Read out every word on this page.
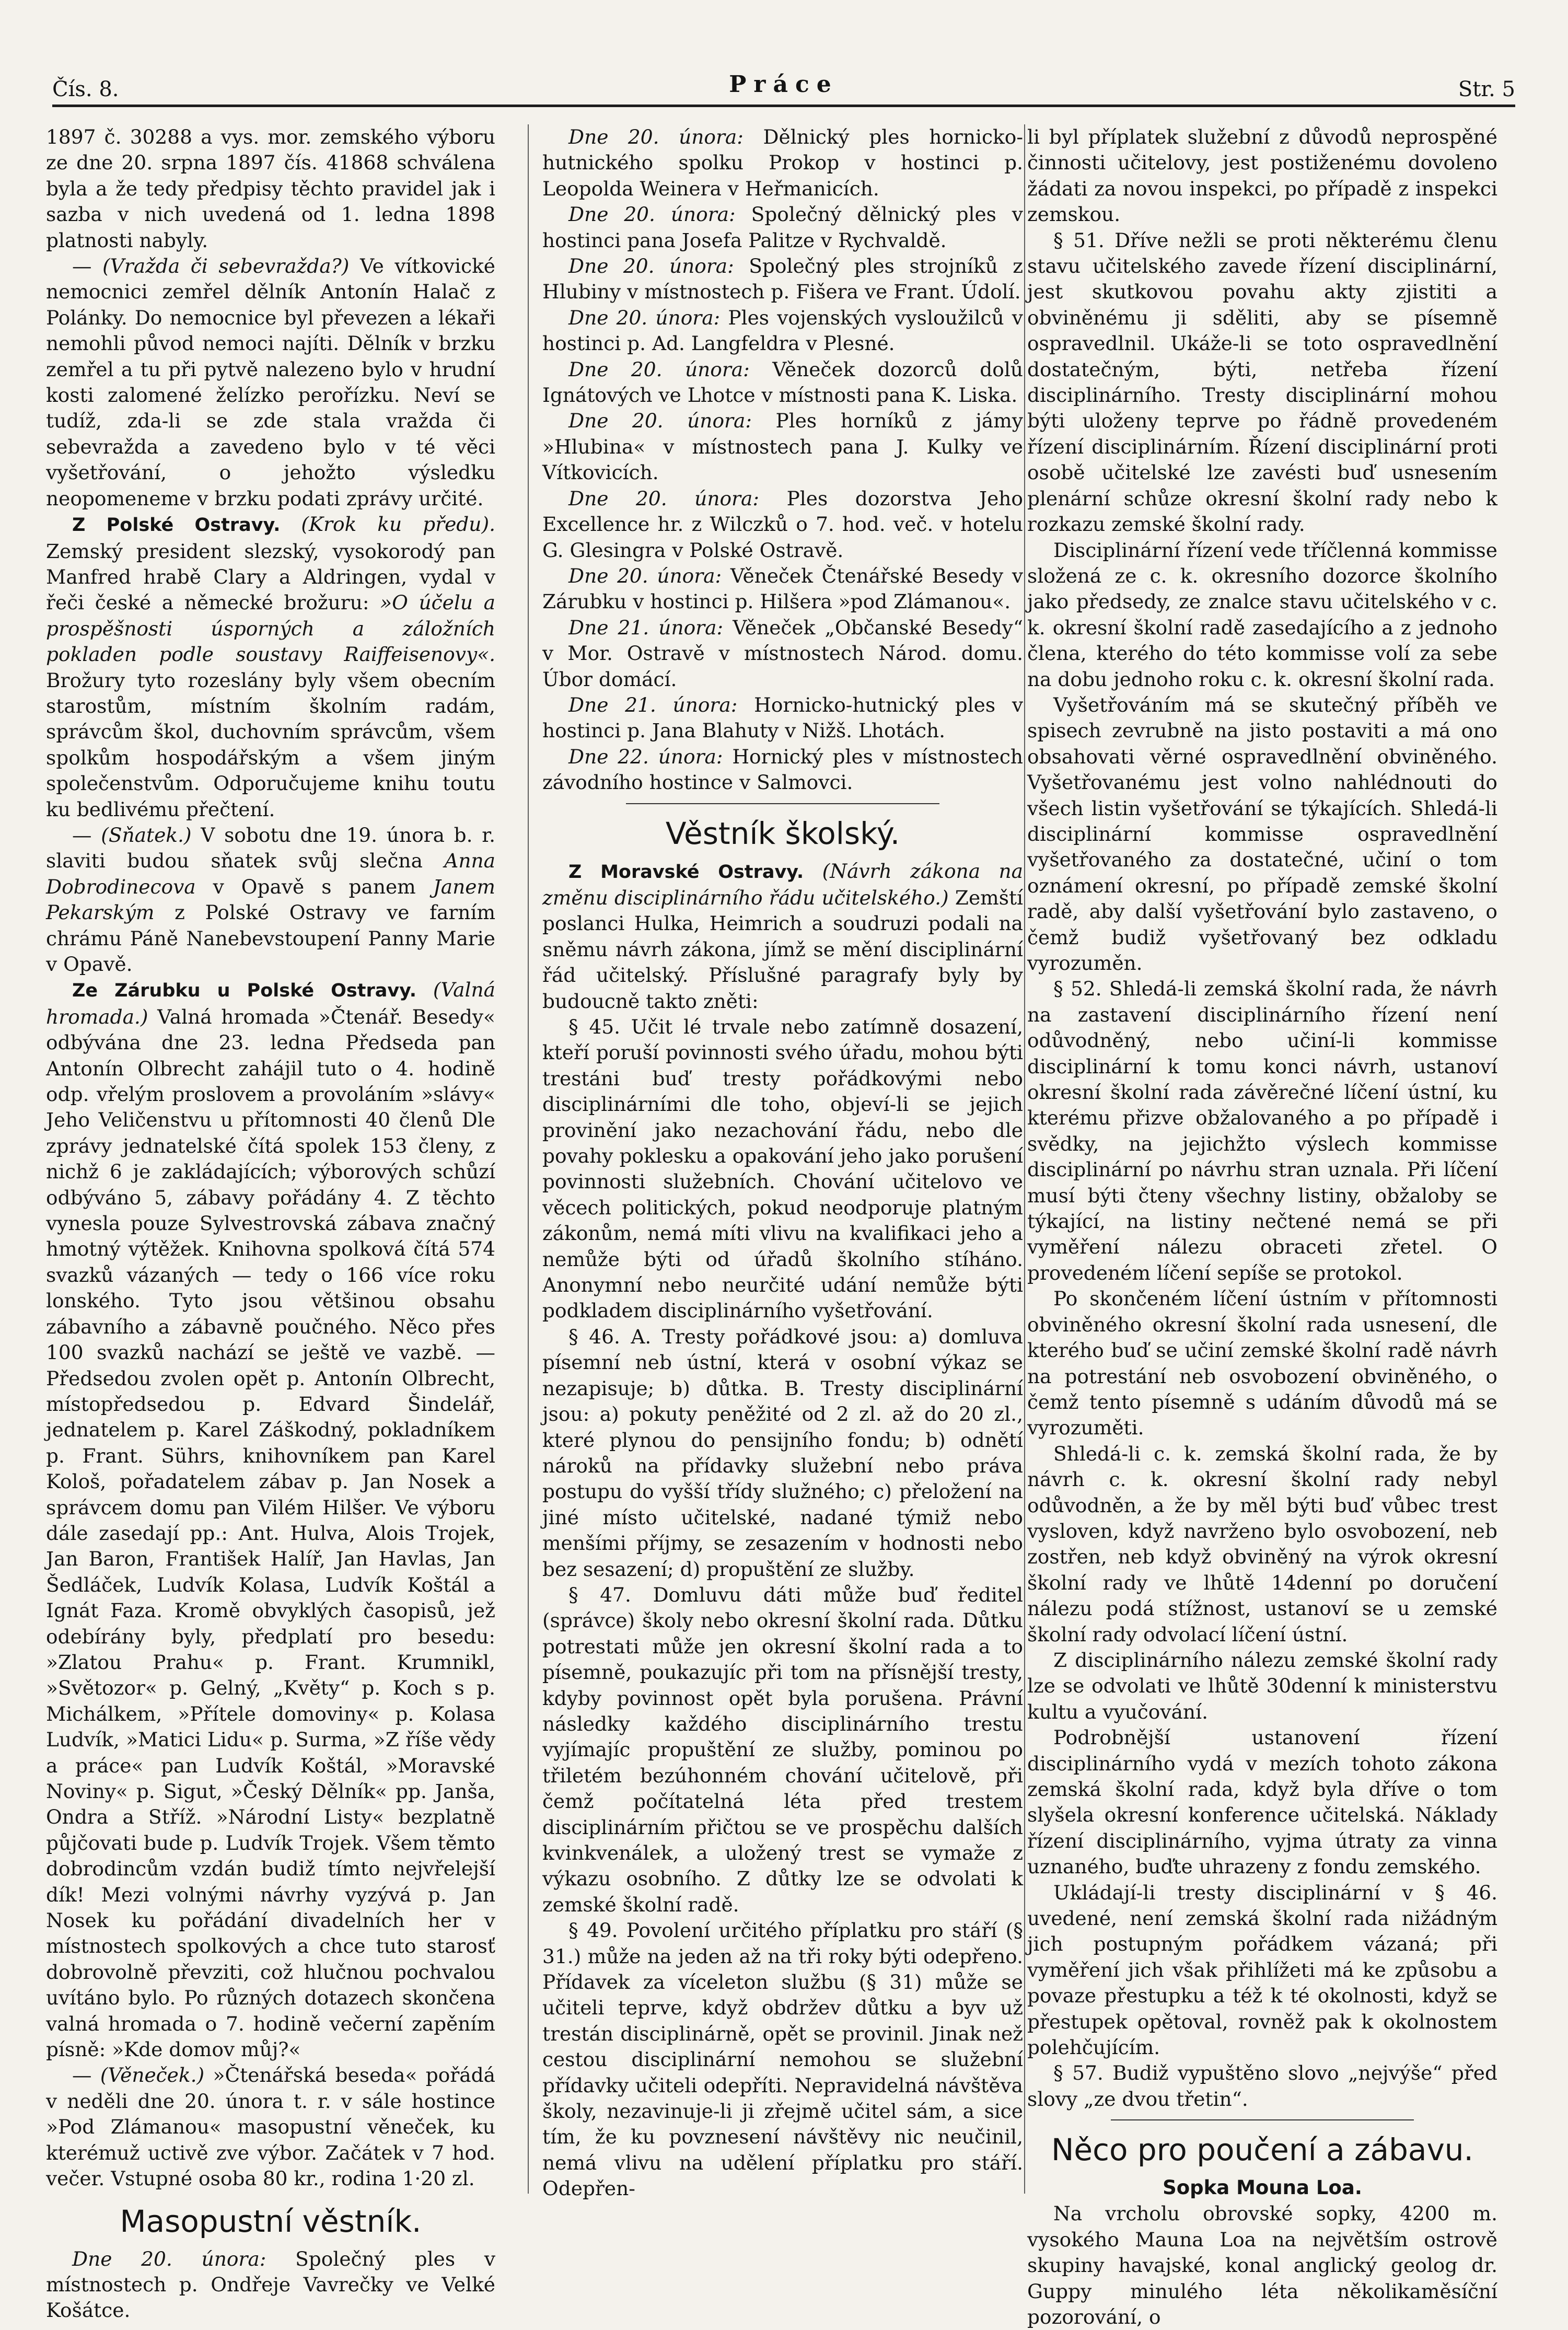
Čís. 8.	Práce	Str. 5

1897 č. 30288 a vys. mor. zemského výboru ze dne 20. srpna 1897 čís. 41868 schválena byla a že tedy předpisy těchto pravidel jak i sazba v nich uvedená od 1. ledna 1898 platnosti nabyly.

— (Vražda či sebevražda?) Ve vítkovické nemocnici zemřel dělník Antonín Halač z Polánky. Do nemocnice byl převezen a lékaři nemohli původ nemoci najíti. Dělník v brzku zemřel a tu při pytvě nalezeno bylo v hrudní kosti zalomené želízko perořízku. Neví se tudíž, zda-li se zde stala vražda či sebevražda a zavedeno bylo v té věci vyšetřování, o jehožto výsledku neopomeneme v brzku podati zprávy určité.

Z Polské Ostravy. (Krok ku předu). Zemský president slezský, vysokorodý pan Manfred hrabě Clary a Aldringen, vydal v řeči české a německé brožuru: »O účelu a prospěšnosti úsporných a záložních pokladen podle soustavy Raiffeisenovy«. Brožury tyto rozeslány byly všem obecním starostům, místním školním radám, správcům škol, duchovním správcům, všem spolkům hospodářským a všem jiným společenstvům. Odporučujeme knihu toutu ku bedlivému přečtení.

— (Sňatek.) V sobotu dne 19. února b. r. slaviti budou sňatek svůj slečna Anna Dobrodinecova v Opavě s panem Janem Pekarským z Polské Ostravy ve farním chrámu Páně Nanebevstoupení Panny Marie v Opavě.

Ze Zárubku u Polské Ostravy. (Valná hromada.) Valná hromada »Čtenář. Besedy« odbývána dne 23. ledna Předseda pan Antonín Olbrecht zahájil tuto o 4. hodině odp. vřelým proslovem a provoláním »slávy« Jeho Veličenstvu u přítomnosti 40 členů Dle zprávy jednatelské čítá spolek 153 členy, z nichž 6 je zakládajících; výborových schůzí odbýváno 5, zábavy pořádány 4. Z těchto vynesla pouze Sylvestrovská zábava značný hmotný výtěžek. Knihovna spolková čítá 574 svazků vázaných — tedy o 166 více roku lonského. Tyto jsou většinou obsahu zábavního a zábavně poučného. Něco přes 100 svazků nachází se ještě ve vazbě. — Předsedou zvolen opět p. Antonín Olbrecht, místopředsedou p. Edvard Šindelář, jednatelem p. Karel Záškodný, pokladníkem p. Frant. Sührs, knihovníkem pan Karel Kološ, pořadatelem zábav p. Jan Nosek a správcem domu pan Vilém Hilšer. Ve výboru dále zasedají pp.: Ant. Hulva, Alois Trojek, Jan Baron, František Halíř, Jan Havlas, Jan Šedláček, Ludvík Kolasa, Ludvík Koštál a Ignát Faza. Kromě obvyklých časopisů, jež odebírány byly, předplatí pro besedu: »Zlatou Prahu« p. Frant. Krumnikl, »Světozor« p. Gelný, „Květy“ p. Koch s p. Michálkem, »Přítele domoviny« p. Kolasa Ludvík, »Matici Lidu« p. Surma, »Z říše vědy a práce« pan Ludvík Koštál, »Moravské Noviny« p. Sigut, »Český Dělník« pp. Janša, Ondra a Stříž. »Národní Listy« bezplatně půjčovati bude p. Ludvík Trojek. Všem těmto dobrodincům vzdán budiž tímto nejvřelejší dík! Mezi volnými návrhy vyzývá p. Jan Nosek ku pořádání divadelních her v místnostech spolkových a chce tuto starosť dobrovolně převziti, což hlučnou pochvalou uvítáno bylo. Po různých dotazech skončena valná hromada o 7. hodině večerní zapěním písně: »Kde domov můj?«

— (Věneček.) »Čtenářská beseda« pořádá v neděli dne 20. února t. r. v sále hostince »Pod Zlámanou« masopustní věneček, ku kterémuž uctivě zve výbor. Začátek v 7 hod. večer. Vstupné osoba 80 kr., rodina 1·20 zl.

Masopustní věstník.

Dne 20. února: Společný ples v místnostech p. Ondřeje Vavrečky ve Velké Košátce.

Dne 20. února: Dělnický ples hornicko-hutnického spolku Prokop v hostinci p. Leopolda Weinera v Heřmanicích.

Dne 20. února: Společný dělnický ples v hostinci pana Josefa Palitze v Rychvaldě.

Dne 20. února: Společný ples strojníků z Hlubiny v místnostech p. Fišera ve Frant. Údolí.

Dne 20. února: Ples vojenských vysloužilců v hostinci p. Ad. Langfeldra v Plesné.

Dne 20. února: Věneček dozorců dolů Ignátových ve Lhotce v místnosti pana K. Liska.

Dne 20. února: Ples horníků z jámy »Hlubina« v místnostech pana J. Kulky ve Vítkovicích.

Dne 20. února: Ples dozorstva Jeho Excellence hr. z Wilczků o 7. hod. več. v hotelu G. Glesingra v Polské Ostravě.

Dne 20. února: Věneček Čtenářské Besedy v Zárubku v hostinci p. Hilšera »pod Zlámanou«.

Dne 21. února: Věneček „Občanské Besedy“ v Mor. Ostravě v místnostech Národ. domu. Úbor domácí.

Dne 21. února: Hornicko-hutnický ples v hostinci p. Jana Blahuty v Nižš. Lhotách.

Dne 22. února: Hornický ples v místnostech závodního hostince v Salmovci.

Věstník školský.

Z Moravské Ostravy. (Návrh zákona na změnu disciplinárního řádu učitelského.) Zemští poslanci Hulka, Heimrich a soudruzi podali na sněmu návrh zákona, jímž se mění disciplinární řád učitelský. Příslušné paragrafy byly by budoucně takto zněti:

§ 45. Učit lé trvale nebo zatímně dosazení, kteří poruší povinnosti svého úřadu, mohou býti trestáni buď tresty pořádkovými nebo disciplinárními dle toho, objeví-li se jejich provinění jako nezachování řádu, nebo dle povahy poklesku a opakování jeho jako porušení povinnosti služebních. Chování učitelovo ve věcech politických, pokud neodporuje platným zákonům, nemá míti vlivu na kvalifikaci jeho a nemůže býti od úřadů školního stíháno. Anonymní nebo neurčité udání nemůže býti podkladem disciplinárního vyšetřování.

§ 46. A. Tresty pořádkové jsou: a) domluva písemní neb ústní, která v osobní výkaz se nezapisuje; b) důtka. B. Tresty disciplinární jsou: a) pokuty peněžité od 2 zl. až do 20 zl., které plynou do pensijního fondu; b) odnětí nároků na přídavky služební nebo práva postupu do vyšší třídy služného; c) přeložení na jiné místo učitelské, nadané týmiž nebo menšími příjmy, se zesazením v hodnosti nebo bez sesazení; d) propuštění ze služby.

§ 47. Domluvu dáti může buď ředitel (správce) školy nebo okresní školní rada. Důtku potrestati může jen okresní školní rada a to písemně, poukazujíc při tom na přísnější tresty, kdyby povinnost opět byla porušena. Právní následky každého disciplinárního trestu vyjímajíc propuštění ze služby, pominou po třiletém bezúhonném chování učitelově, při čemž počítatelná léta před trestem disciplinárním přičtou se ve prospěchu dalších kvinkvenálek, a uložený trest se vymaže z výkazu osobního. Z důtky lze se odvolati k zemské školní radě.

§ 49. Povolení určitého příplatku pro stáří (§ 31.) může na jeden až na tři roky býti odepřeno. Přídavek za víceleton službu (§ 31) může se učiteli teprve, když obdržev důtku a byv už trestán disciplinárně, opět se provinil. Jinak než cestou disciplinární nemohou se služební přídavky učiteli odepříti. Nepravidelná návštěva školy, nezavinuje-li ji zřejmě učitel sám, a sice tím, že ku povznesení návštěvy nic neučinil, nemá vlivu na udělení příplatku pro stáří. Odepřen-

li byl příplatek služební z důvodů neprospěné činnosti učitelovy, jest postiženému dovoleno žádati za novou inspekci, po případě z inspekci zemskou.

§ 51. Dříve nežli se proti některému členu stavu učitelského zavede řízení disciplinární, jest skutkovou povahu akty zjistiti a obviněnému ji sděliti, aby se písemně ospravedlnil. Ukáže-li se toto ospravedlnění dostatečným, býti, netřeba řízení disciplinárního. Tresty disciplinární mohou býti uloženy teprve po řádně provedeném řízení disciplinárním. Řízení disciplinární proti osobě učitelské lze zavésti buď usnesením plenární schůze okresní školní rady nebo k rozkazu zemské školní rady.

Disciplinární řízení vede tříčlenná kommisse složená ze c. k. okresního dozorce školního jako předsedy, ze znalce stavu učitelského v c. k. okresní školní radě zasedajícího a z jednoho člena, kterého do této kommisse volí za sebe na dobu jednoho roku c. k. okresní školní rada.

Vyšetřováním má se skutečný příběh ve spisech zevrubně na jisto postaviti a má ono obsahovati věrné ospravedlnění obviněného. Vyšetřovanému jest volno nahlédnouti do všech listin vyšetřování se týkajících. Shledá-li disciplinární kommisse ospravedlnění vyšetřovaného za dostatečné, učiní o tom oznámení okresní, po případě zemské školní radě, aby další vyšetřování bylo zastaveno, o čemž budiž vyšetřovaný bez odkladu vyrozuměn.

§ 52. Shledá-li zemská školní rada, že návrh na zastavení disciplinárního řízení není odůvodněný, nebo učiní-li kommisse disciplinární k tomu konci návrh, ustanoví okresní školní rada závěrečné líčení ústní, ku kterému přizve obžalovaného a po případě i svědky, na jejichžto výslech kommisse disciplinární po návrhu stran uznala. Při líčení musí býti čteny všechny listiny, obžaloby se týkající, na listiny nečtené nemá se při vyměření nálezu obraceti zřetel. O provedeném líčení sepíše se protokol.

Po skončeném líčení ústním v přítomnosti obviněného okresní školní rada usnesení, dle kterého buď se učiní zemské školní radě návrh na potrestání neb osvobození obviněného, o čemž tento písemně s udáním důvodů má se vyrozuměti.

Shledá-li c. k. zemská školní rada, že by návrh c. k. okresní školní rady nebyl odůvodněn, a že by měl býti buď vůbec trest vysloven, když navrženo bylo osvobození, neb zostřen, neb když obviněný na výrok okresní školní rady ve lhůtě 14denní po doručení nálezu podá stížnost, ustanoví se u zemské školní rady odvolací líčení ústní.

Z disciplinárního nálezu zemské školní rady lze se odvolati ve lhůtě 30denní k ministerstvu kultu a vyučování.

Podrobnější ustanovení řízení disciplinárního vydá v mezích tohoto zákona zemská školní rada, když byla dříve o tom slyšela okresní konference učitelská. Náklady řízení disciplinárního, vyjma útraty za vinna uznaného, buďte uhrazeny z fondu zemského.

Ukládají-li tresty disciplinární v § 46. uvedené, není zemská školní rada nižádným jich postupným pořádkem vázaná; při vyměření jich však přihlížeti má ke způsobu a povaze přestupku a též k té okolnosti, když se přestupek opětoval, rovněž pak k okolnostem polehčujícím.

§ 57. Budiž vypuštěno slovo „nejvýše“ před slovy „ze dvou třetin“.

Něco pro poučení a zábavu.
Sopka Mouna Loa.

Na vrcholu obrovské sopky, 4200 m. vysokého Mauna Loa na největším ostrově skupiny havajské, konal anglický geolog dr. Guppy minulého léta několikaměsíční pozorování, o
